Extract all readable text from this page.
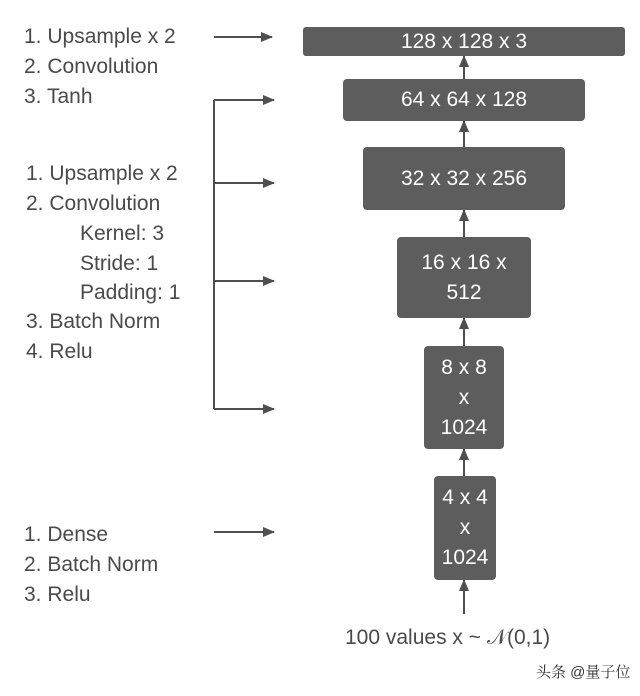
1. Upsample x 2
2. Convolution
3. Tanh
1. Upsample x 2
2. Convolution
Kernel: 3
Stride: 1
Padding: 1
3. Batch Norm
4. Relu
1. Dense
2. Batch Norm
3. Relu
128 x 128 x 3
64 x 64 x 128
32 x 32 x 256
16 x 16 x
512
8 x 8
x
1024
4 x 4
x
1024
100 values x ~ 𝒩(0,1)
头条 @量子位
